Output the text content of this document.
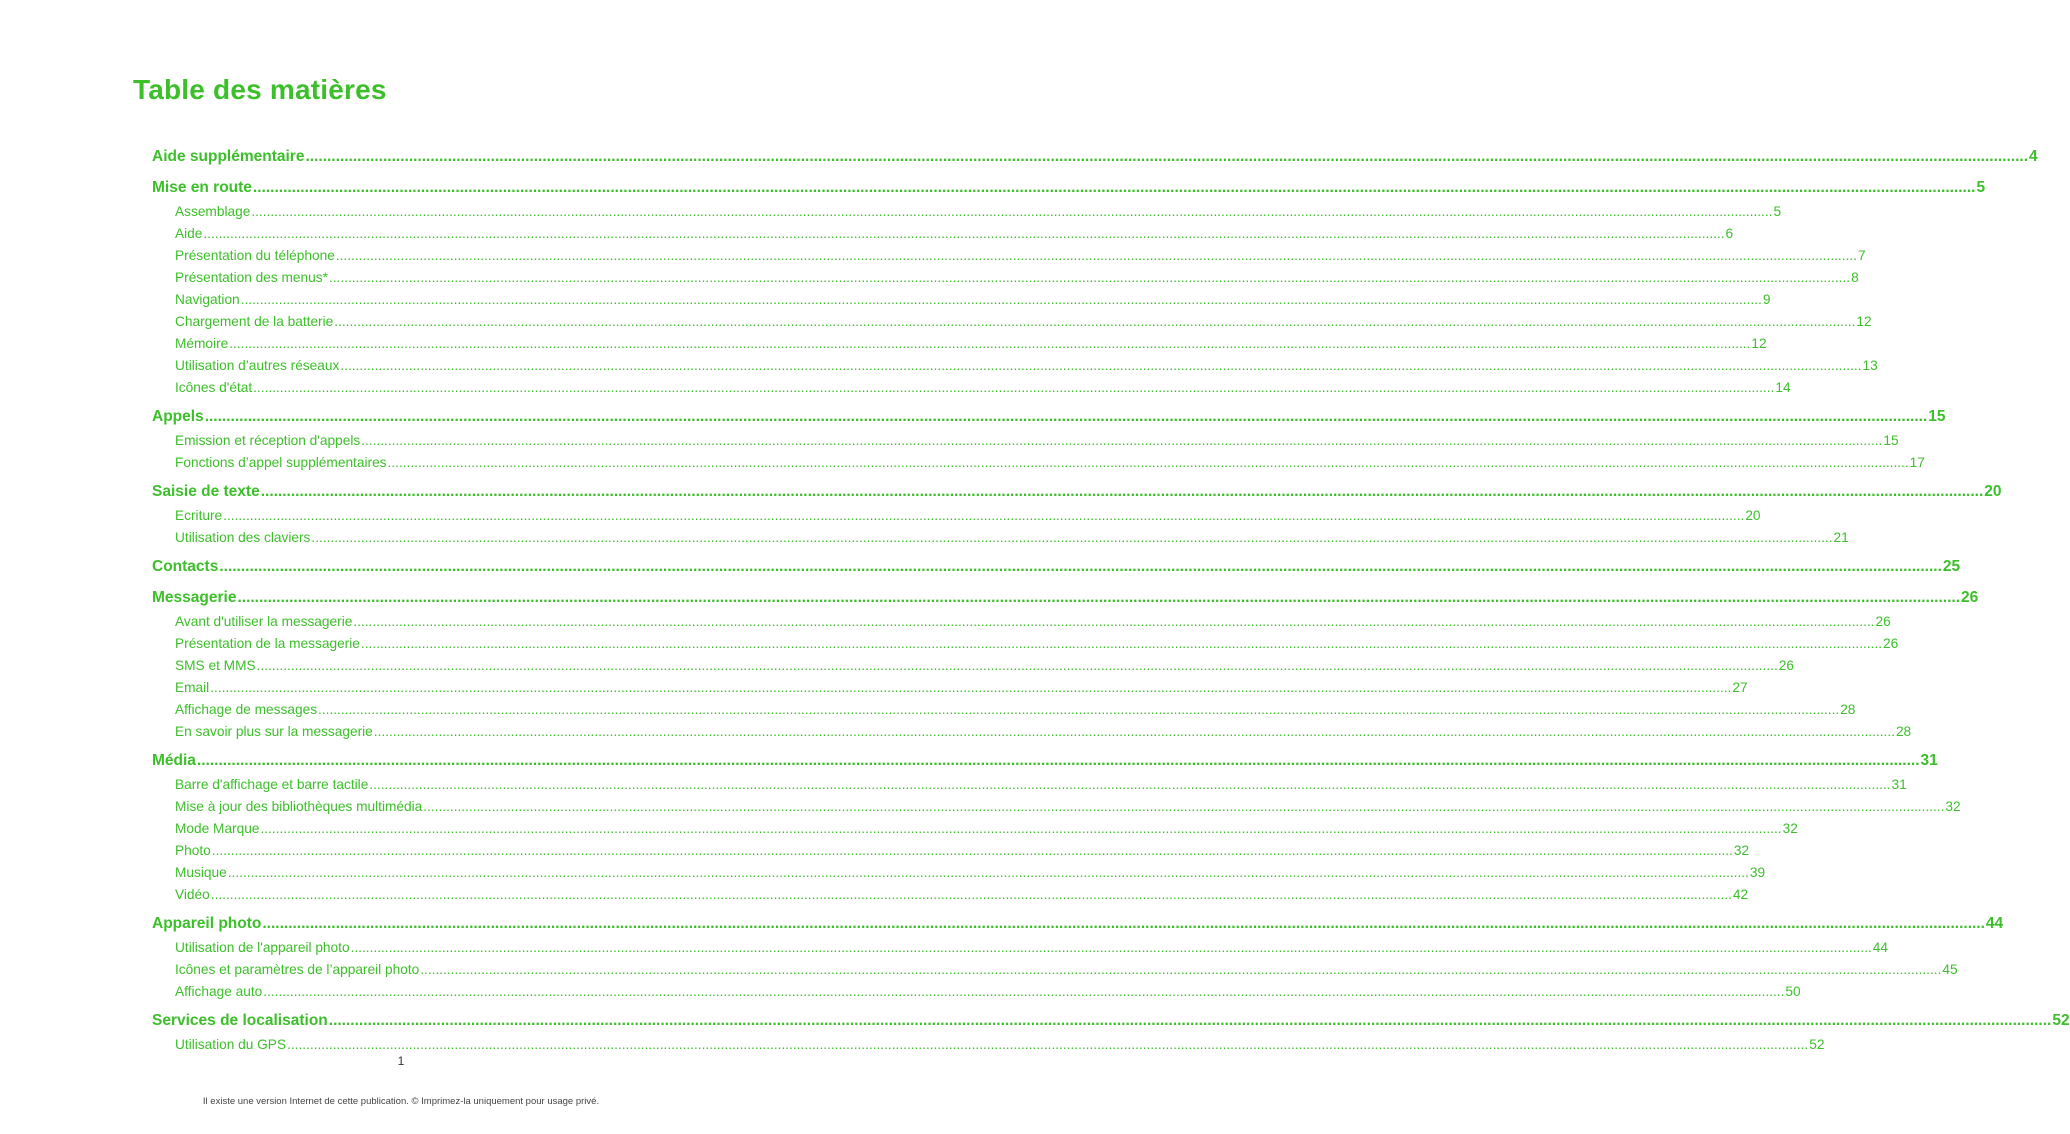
Table des matières
Aide supplémentaire ................................................................................................................................................................................................................................................................................................................................................................................................................ 4
Mise en route ................................................................................................................................................................................................................................................................................................................................................................................................................ 5
Assemblage ................................................................................................................................................................................................................................................................................................................................................................................................................ 5
Aide ................................................................................................................................................................................................................................................................................................................................................................................................................ 6
Présentation du téléphone ................................................................................................................................................................................................................................................................................................................................................................................................................ 7
Présentation des menus* ................................................................................................................................................................................................................................................................................................................................................................................................................ 8
Navigation ................................................................................................................................................................................................................................................................................................................................................................................................................ 9
Chargement de la batterie ................................................................................................................................................................................................................................................................................................................................................................................................................ 12
Mémoire ................................................................................................................................................................................................................................................................................................................................................................................................................ 12
Utilisation d’autres réseaux ................................................................................................................................................................................................................................................................................................................................................................................................................ 13
Icônes d'état ................................................................................................................................................................................................................................................................................................................................................................................................................ 14
Appels ................................................................................................................................................................................................................................................................................................................................................................................................................ 15
Emission et réception d'appels ................................................................................................................................................................................................................................................................................................................................................................................................................ 15
Fonctions d’appel supplémentaires ................................................................................................................................................................................................................................................................................................................................................................................................................ 17
Saisie de texte ................................................................................................................................................................................................................................................................................................................................................................................................................ 20
Ecriture ................................................................................................................................................................................................................................................................................................................................................................................................................ 20
Utilisation des claviers ................................................................................................................................................................................................................................................................................................................................................................................................................ 21
Contacts ................................................................................................................................................................................................................................................................................................................................................................................................................ 25
Messagerie ................................................................................................................................................................................................................................................................................................................................................................................................................ 26
Avant d'utiliser la messagerie ................................................................................................................................................................................................................................................................................................................................................................................................................ 26
Présentation de la messagerie ................................................................................................................................................................................................................................................................................................................................................................................................................ 26
SMS et MMS ................................................................................................................................................................................................................................................................................................................................................................................................................ 26
Email ................................................................................................................................................................................................................................................................................................................................................................................................................ 27
Affichage de messages ................................................................................................................................................................................................................................................................................................................................................................................................................ 28
En savoir plus sur la messagerie ................................................................................................................................................................................................................................................................................................................................................................................................................ 28
Média ................................................................................................................................................................................................................................................................................................................................................................................................................ 31
Barre d'affichage et barre tactile ................................................................................................................................................................................................................................................................................................................................................................................................................ 31
Mise à jour des bibliothèques multimédia ................................................................................................................................................................................................................................................................................................................................................................................................................ 32
Mode Marque ................................................................................................................................................................................................................................................................................................................................................................................................................ 32
Photo ................................................................................................................................................................................................................................................................................................................................................................................................................ 32
Musique ................................................................................................................................................................................................................................................................................................................................................................................................................ 39
Vidéo ................................................................................................................................................................................................................................................................................................................................................................................................................ 42
Appareil photo ................................................................................................................................................................................................................................................................................................................................................................................................................ 44
Utilisation de l'appareil photo ................................................................................................................................................................................................................................................................................................................................................................................................................ 44
Icônes et paramètres de l’appareil photo ................................................................................................................................................................................................................................................................................................................................................................................................................ 45
Affichage auto ................................................................................................................................................................................................................................................................................................................................................................................................................ 50
Services de localisation ................................................................................................................................................................................................................................................................................................................................................................................................................ 52
Utilisation du GPS ................................................................................................................................................................................................................................................................................................................................................................................................................ 52
1
Il existe une version Internet de cette publication. © Imprimez-la uniquement pour usage privé.
